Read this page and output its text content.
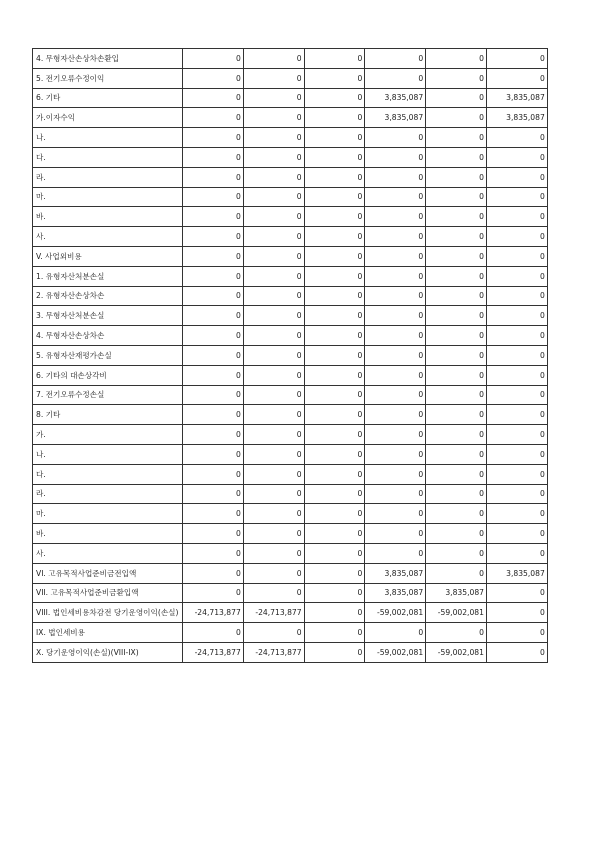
4. 무형자산손상차손환입	0	0	0	0	0	0
5. 전기오류수정이익	0	0	0	0	0	0
6. 기타	0	0	0	3,835,087	0	3,835,087
가.이자수익	0	0	0	3,835,087	0	3,835,087
나.	0	0	0	0	0	0
다.	0	0	0	0	0	0
라.	0	0	0	0	0	0
마.	0	0	0	0	0	0
바.	0	0	0	0	0	0
사.	0	0	0	0	0	0
V. 사업외비용	0	0	0	0	0	0
1. 유형자산처분손실	0	0	0	0	0	0
2. 유형자산손상차손	0	0	0	0	0	0
3. 무형자산처분손실	0	0	0	0	0	0
4. 무형자산손상차손	0	0	0	0	0	0
5. 유형자산재평가손실	0	0	0	0	0	0
6. 기타의 대손상각비	0	0	0	0	0	0
7. 전기오류수정손실	0	0	0	0	0	0
8. 기타	0	0	0	0	0	0
가.	0	0	0	0	0	0
나.	0	0	0	0	0	0
다.	0	0	0	0	0	0
라.	0	0	0	0	0	0
마.	0	0	0	0	0	0
바.	0	0	0	0	0	0
사.	0	0	0	0	0	0
VI. 고유목적사업준비금전입액	0	0	0	3,835,087	0	3,835,087
VII. 고유목적사업준비금환입액	0	0	0	3,835,087	3,835,087	0
VIII. 법인세비용차감전 당기운영이익(손실)	-24,713,877	-24,713,877	0	-59,002,081	-59,002,081	0
IX. 법인세비용	0	0	0	0	0	0
X. 당기운영이익(손실)(VIII-IX)	-24,713,877	-24,713,877	0	-59,002,081	-59,002,081	0
